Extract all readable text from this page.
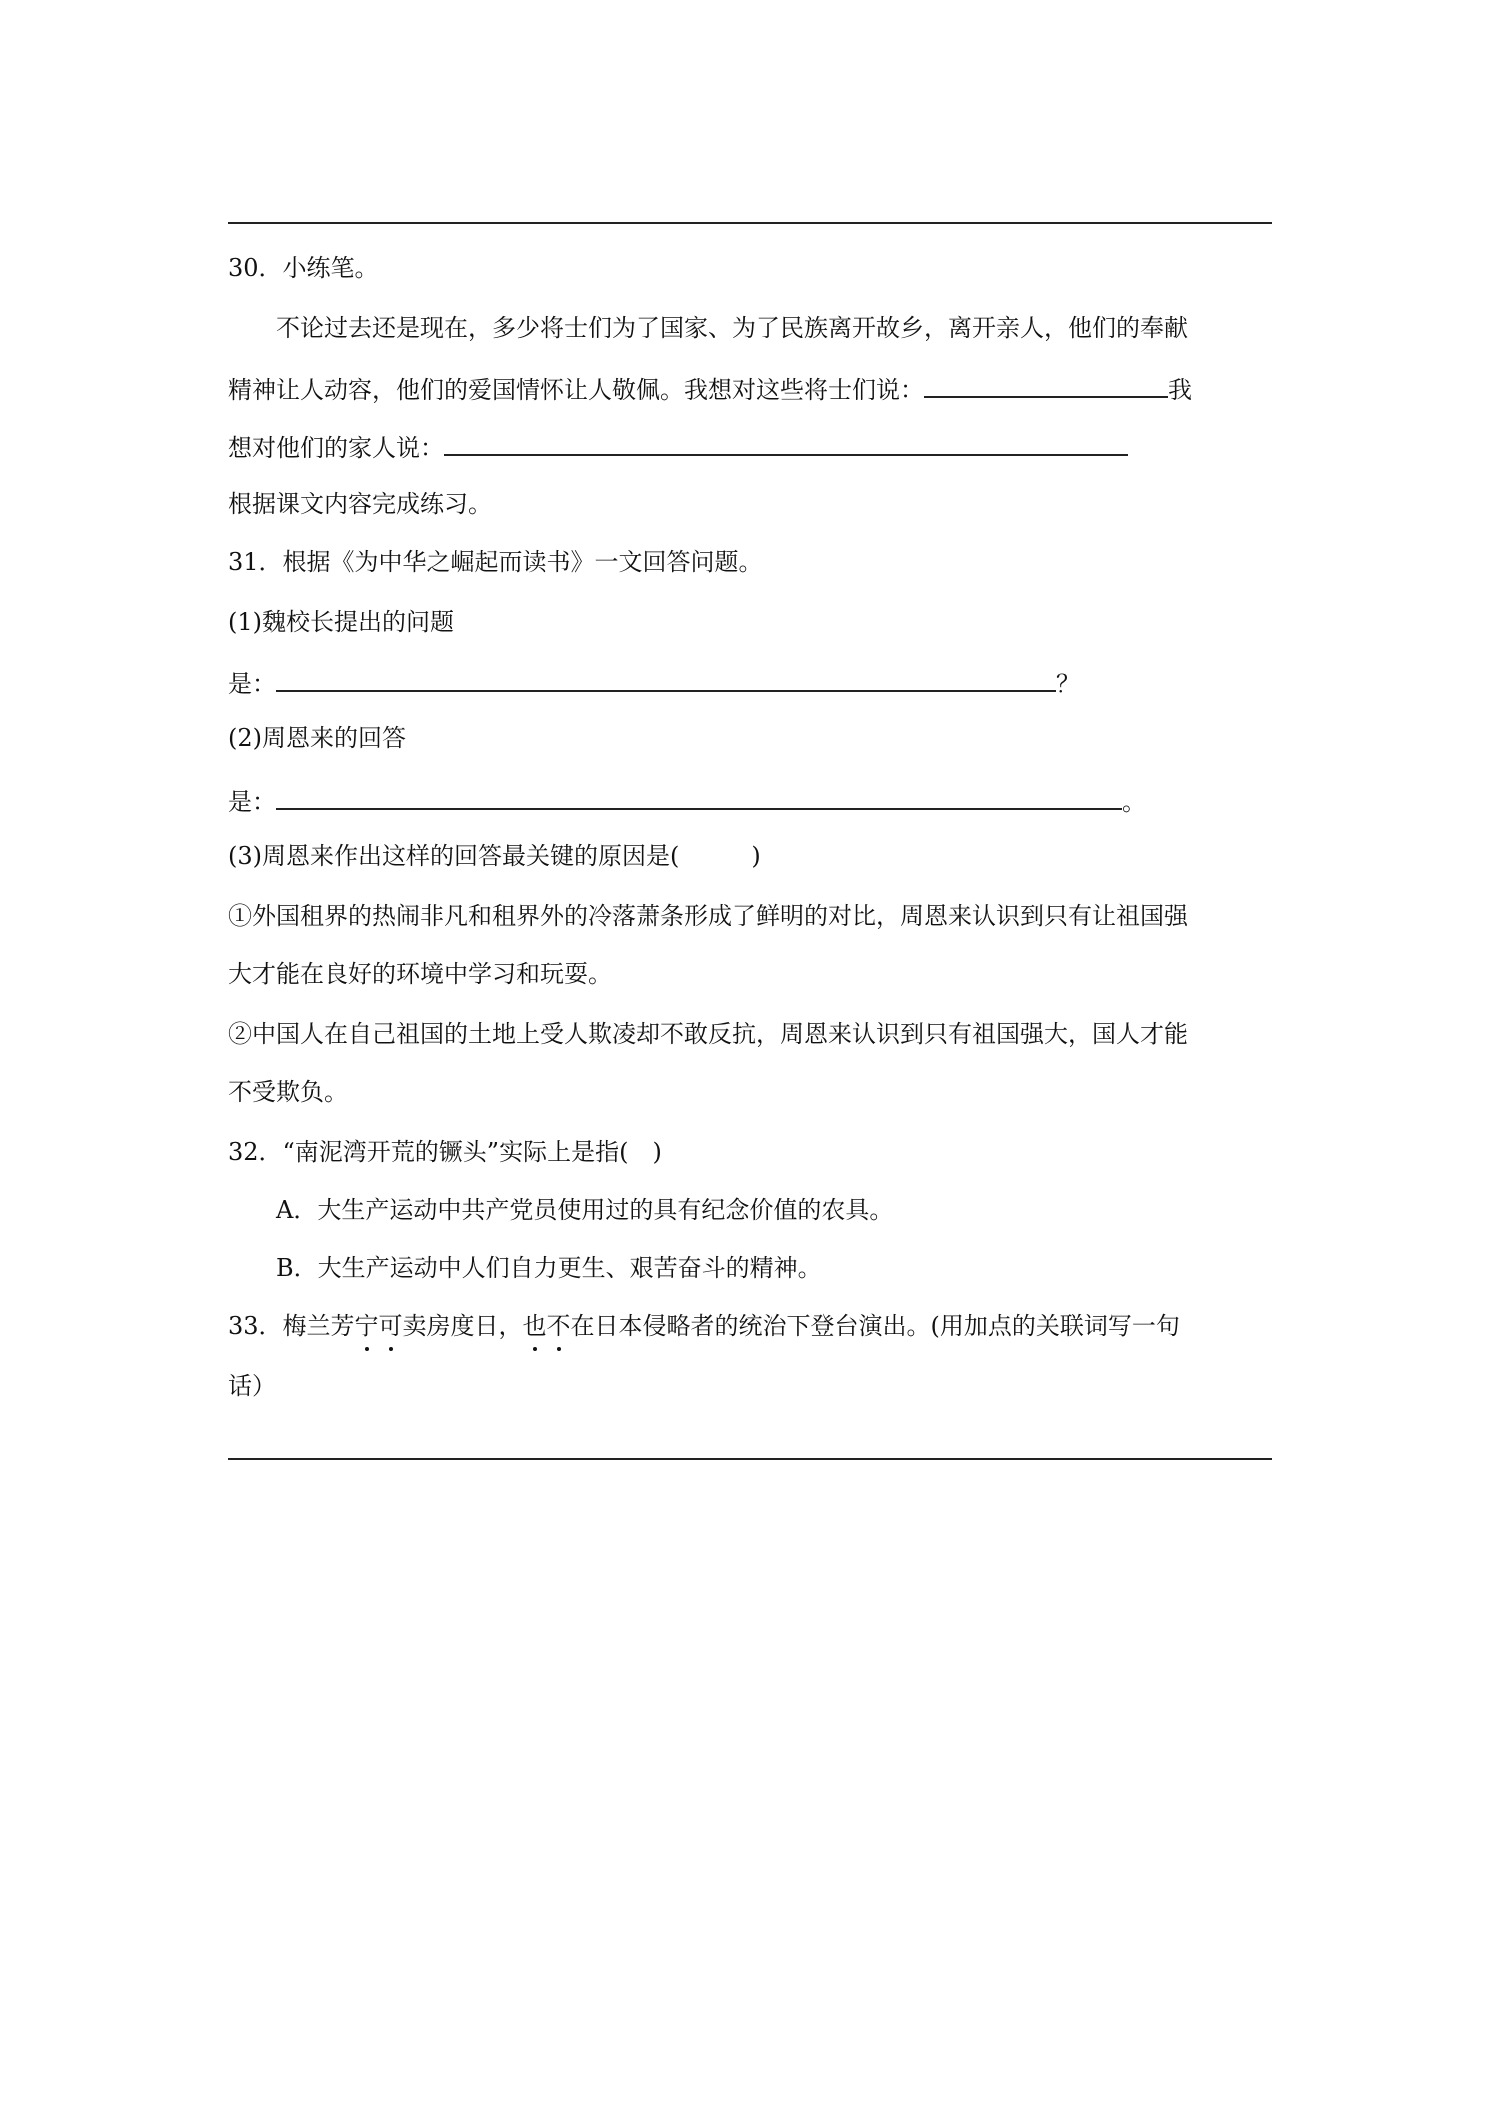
30．小练笔。
不论过去还是现在，多少将士们为了国家、为了民族离开故乡，离开亲人，他们的奉献
精神让人动容，他们的爱国情怀让人敬佩。我想对这些将士们说：	我
想对他们的家人说：
根据课文内容完成练习。
31．根据《为中华之崛起而读书》一文回答问题。
(1)魏校长提出的问题
是：	？
(2)周恩来的回答
是：	。
(3)周恩来作出这样的回答最关键的原因是(　　　)
①外国租界的热闹非凡和租界外的冷落萧条形成了鲜明的对比，周恩来认识到只有让祖国强
大才能在良好的环境中学习和玩耍。
②中国人在自己祖国的土地上受人欺凌却不敢反抗，周恩来认识到只有祖国强大，国人才能
不受欺负。
32．“南泥湾开荒的镢头”实际上是指(　)
A．大生产运动中共产党员使用过的具有纪念价值的农具。
B．大生产运动中人们自力更生、艰苦奋斗的精神。
33．梅兰芳宁可卖房度日，也不在日本侵略者的统治下登台演出。(用加点的关联词写一句
话）
